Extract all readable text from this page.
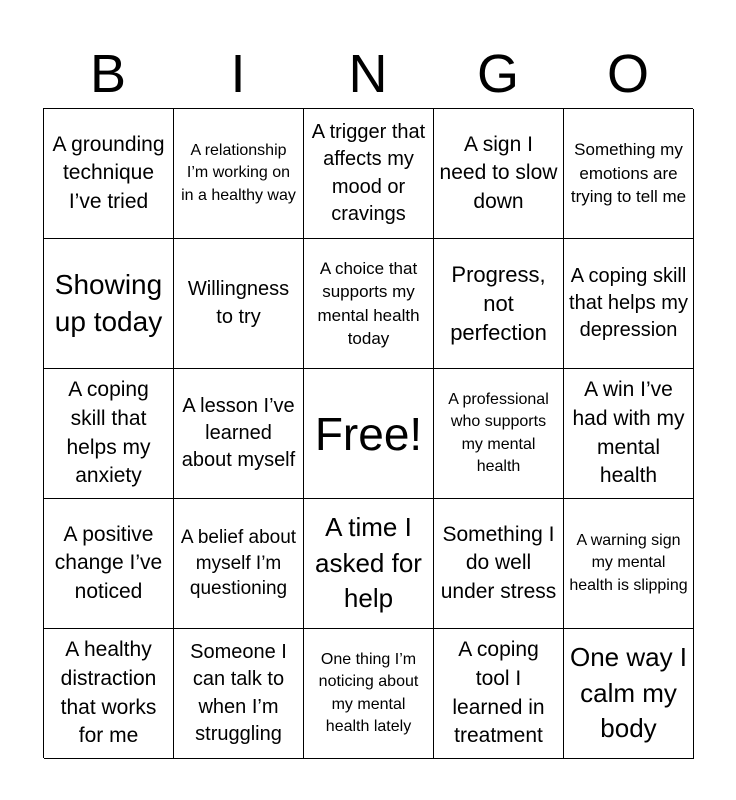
B	I	N	G	O
A grounding technique I’ve tried
A relationship I’m working on in a healthy way
A trigger that affects my mood or cravings
A sign I need to slow down
Something my emotions are trying to tell me
Showing up today
Willingness to try
A choice that supports my mental health today
Progress, not perfection
A coping skill that helps my depression
A coping skill that helps my anxiety
A lesson I’ve learned about myself
Free!
A professional who supports my mental health
A win I’ve had with my mental health
A positive change I’ve noticed
A belief about myself I’m questioning
A time I asked for help
Something I do well under stress
A warning sign my mental health is slipping
A healthy distraction that works for me
Someone I can talk to when I’m struggling
One thing I’m noticing about my mental health lately
A coping tool I learned in treatment
One way I calm my body
